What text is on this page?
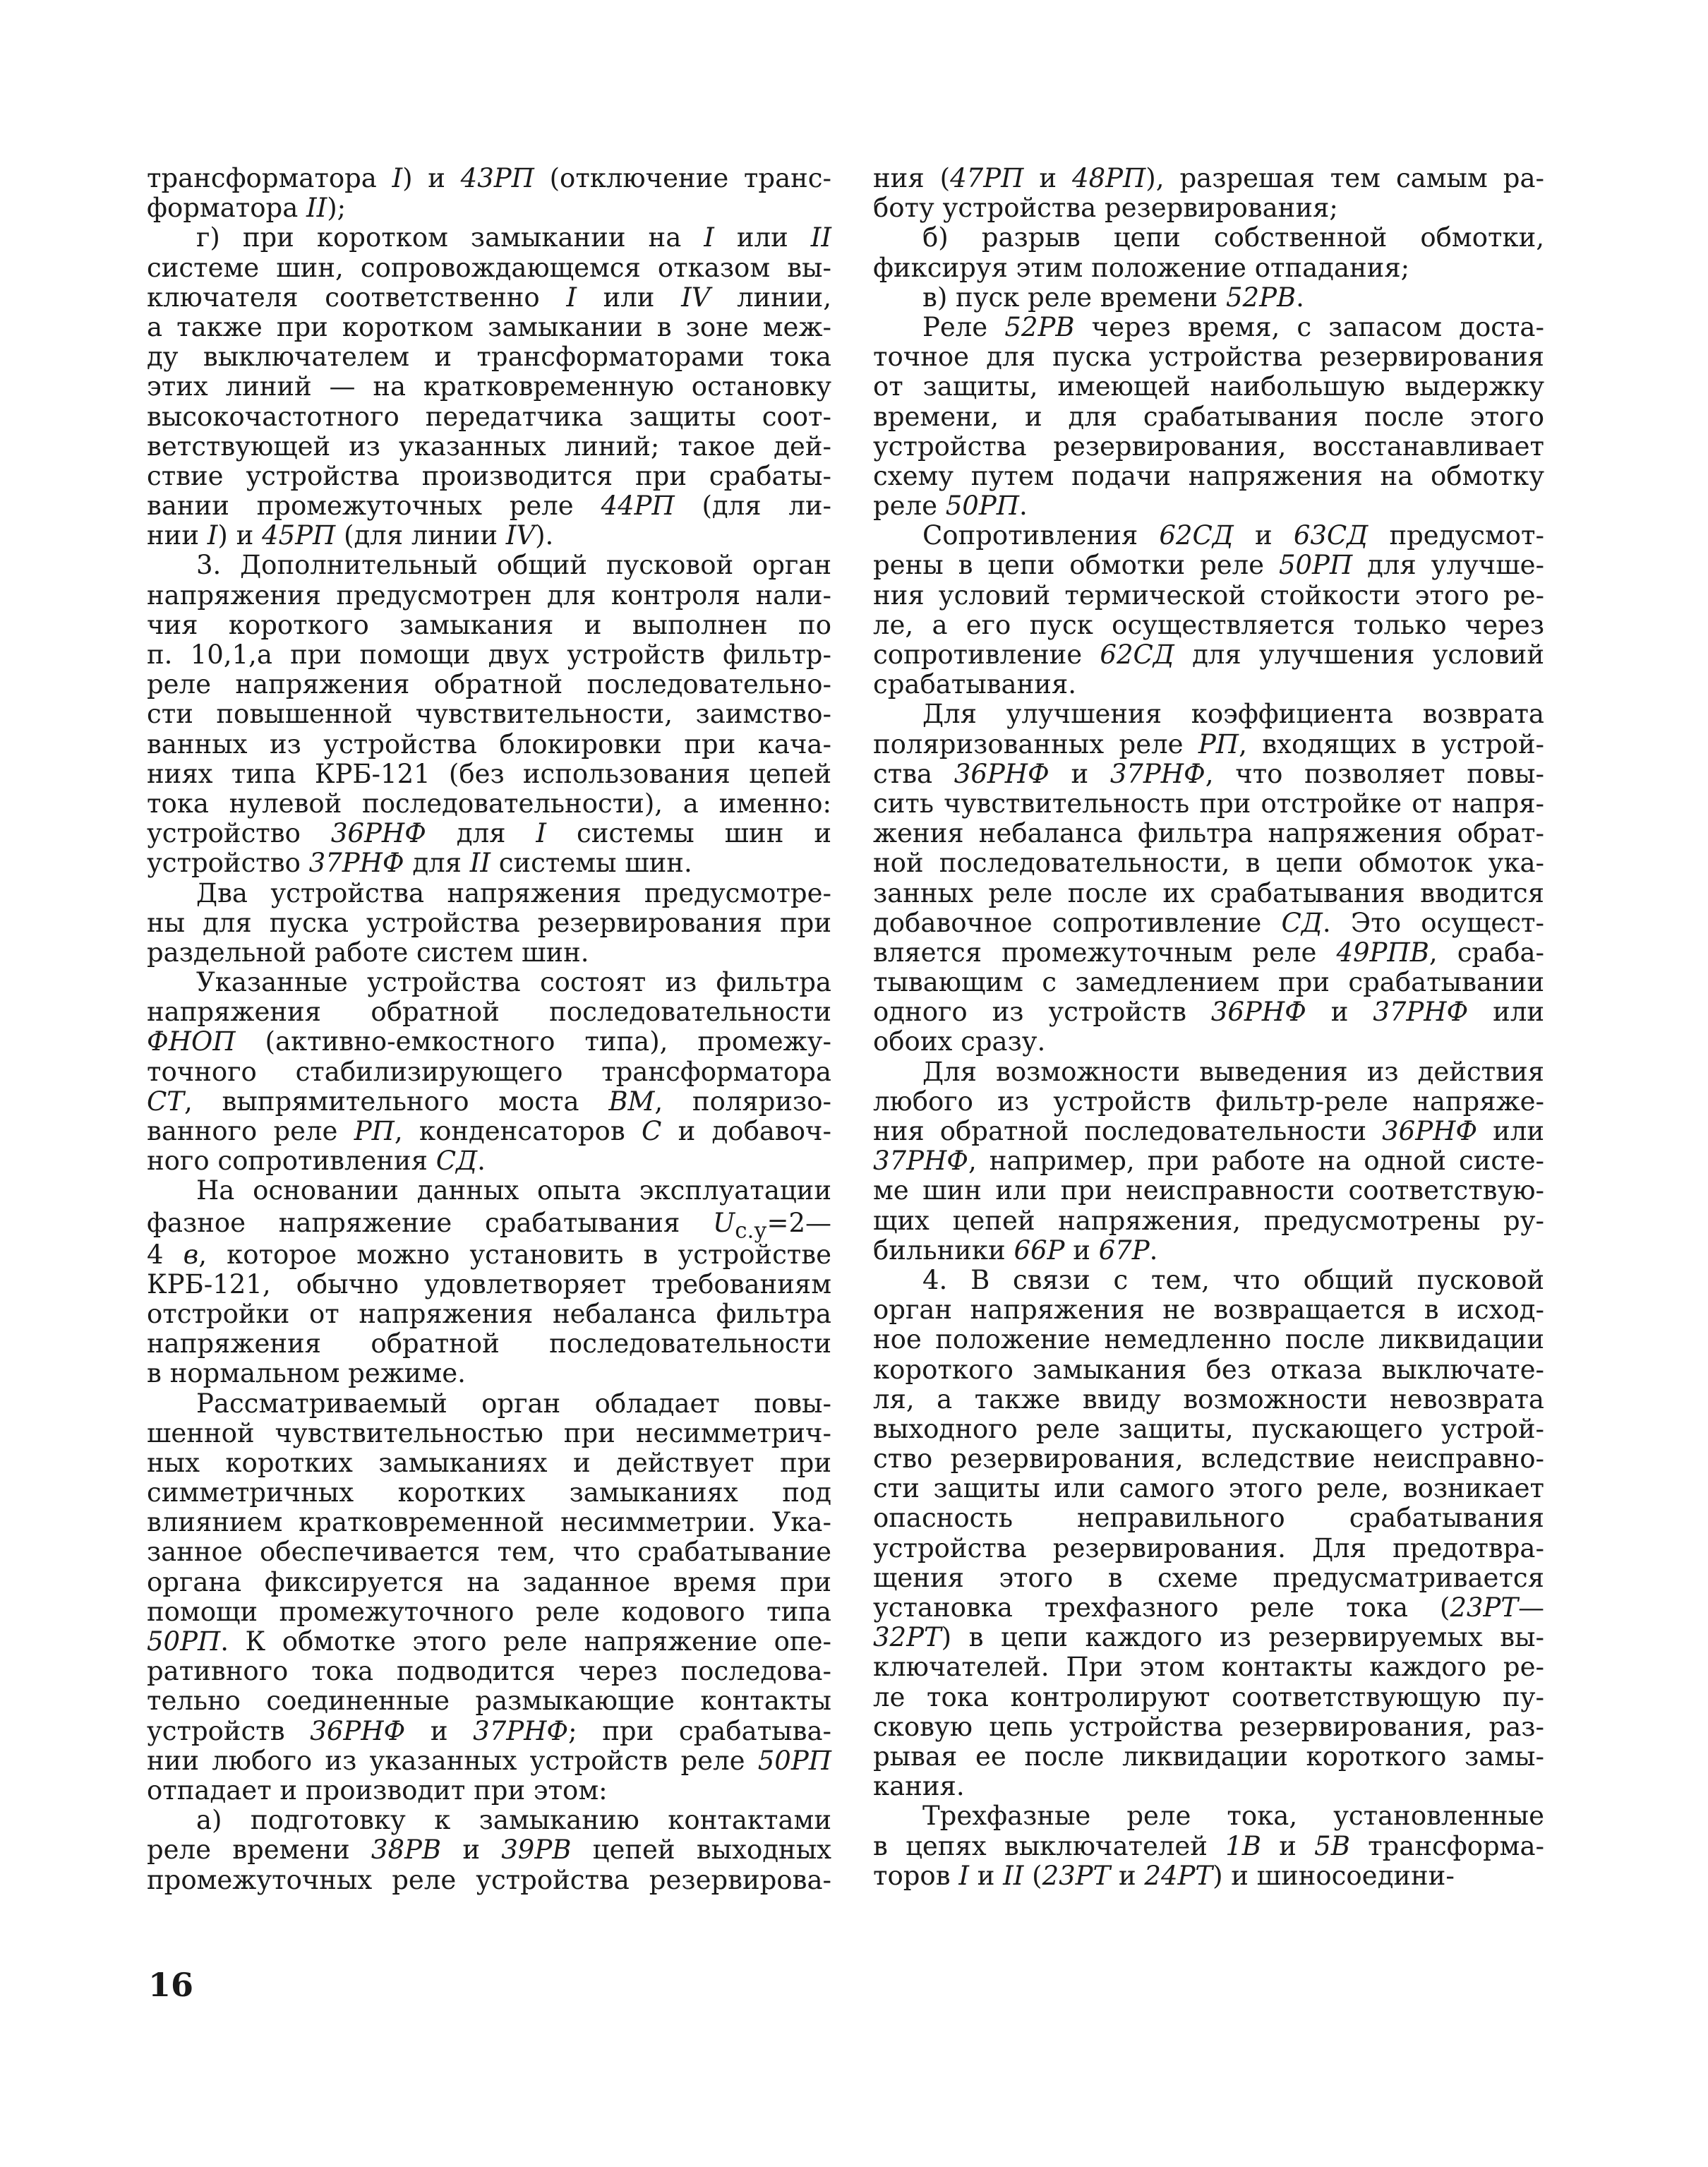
трансформатора I) и 43РП (отключение транс-
форматора II);
г) при коротком замыкании на I или II
системе шин, сопровождающемся отказом вы-
ключателя соответственно I или IV линии,
а также при коротком замыкании в зоне меж-
ду выключателем и трансформаторами тока
этих линий — на кратковременную остановку
высокочастотного передатчика защиты соот-
ветствующей из указанных линий; такое дей-
ствие устройства производится при срабаты-
вании промежуточных реле 44РП (для ли-
нии I) и 45РП (для линии IV).
3. Дополнительный общий пусковой орган
напряжения предусмотрен для контроля нали-
чия короткого замыкания и выполнен по
п. 10,1,а при помощи двух устройств фильтр-
реле напряжения обратной последовательно-
сти повышенной чувствительности, заимство-
ванных из устройства блокировки при кача-
ниях типа КРБ-121 (без использования цепей
тока нулевой последовательности), а именно:
устройство 36РНФ для I системы шин и
устройство 37РНФ для II системы шин.
Два устройства напряжения предусмотре-
ны для пуска устройства резервирования при
раздельной работе систем шин.
Указанные устройства состоят из фильтра
напряжения обратной последовательности
ФНОП (активно-емкостного типа), промежу-
точного стабилизирующего трансформатора
СТ, выпрямительного моста ВМ, поляризо-
ванного реле РП, конденсаторов С и добавоч-
ного сопротивления СД.
На основании данных опыта эксплуатации
фазное напряжение срабатывания $U_{с.у}=2—$
4 в, которое можно установить в устройстве
КРБ-121, обычно удовлетворяет требованиям
отстройки от напряжения небаланса фильтра
напряжения обратной последовательности
в нормальном режиме.
Рассматриваемый орган обладает повы-
шенной чувствительностью при несимметрич-
ных коротких замыканиях и действует при
симметричных коротких замыканиях под
влиянием кратковременной несимметрии. Ука-
занное обеспечивается тем, что срабатывание
органа фиксируется на заданное время при
помощи промежуточного реле кодового типа
50РП. К обмотке этого реле напряжение опе-
ративного тока подводится через последова-
тельно соединенные размыкающие контакты
устройств 36РНФ и 37РНФ; при срабатыва-
нии любого из указанных устройств реле 50РП
отпадает и производит при этом:
а) подготовку к замыканию контактами
реле времени 38РВ и 39РВ цепей выходных
промежуточных реле устройства резервирова-
ния (47РП и 48РП), разрешая тем самым ра-
боту устройства резервирования;
б) разрыв цепи собственной обмотки,
фиксируя этим положение отпадания;
в) пуск реле времени 52РВ.
Реле 52РВ через время, с запасом доста-
точное для пуска устройства резервирования
от защиты, имеющей наибольшую выдержку
времени, и для срабатывания после этого
устройства резервирования, восстанавливает
схему путем подачи напряжения на обмотку
реле 50РП.
Сопротивления 62СД и 63СД предусмот-
рены в цепи обмотки реле 50РП для улучше-
ния условий термической стойкости этого ре-
ле, а его пуск осуществляется только через
сопротивление 62СД для улучшения условий
срабатывания.
Для улучшения коэффициента возврата
поляризованных реле РП, входящих в устрой-
ства 36РНФ и 37РНФ, что позволяет повы-
сить чувствительность при отстройке от напря-
жения небаланса фильтра напряжения обрат-
ной последовательности, в цепи обмоток ука-
занных реле после их срабатывания вводится
добавочное сопротивление СД. Это осущест-
вляется промежуточным реле 49РПВ, сраба-
тывающим с замедлением при срабатывании
одного из устройств 36РНФ и 37РНФ или
обоих сразу.
Для возможности выведения из действия
любого из устройств фильтр-реле напряже-
ния обратной последовательности 36РНФ или
37РНФ, например, при работе на одной систе-
ме шин или при неисправности соответствую-
щих цепей напряжения, предусмотрены ру-
бильники 66Р и 67Р.
4. В связи с тем, что общий пусковой
орган напряжения не возвращается в исход-
ное положение немедленно после ликвидации
короткого замыкания без отказа выключате-
ля, а также ввиду возможности невозврата
выходного реле защиты, пускающего устрой-
ство резервирования, вследствие неисправно-
сти защиты или самого этого реле, возникает
опасность неправильного срабатывания
устройства резервирования. Для предотвра-
щения этого в схеме предусматривается
установка трехфазного реле тока (23РТ—
32РТ) в цепи каждого из резервируемых вы-
ключателей. При этом контакты каждого ре-
ле тока контролируют соответствующую пу-
сковую цепь устройства резервирования, раз-
рывая ее после ликвидации короткого замы-
кания.
Трехфазные реле тока, установленные
в цепях выключателей 1В и 5В трансформа-
торов I и II (23РТ и 24РТ) и шиносоедини-
16
